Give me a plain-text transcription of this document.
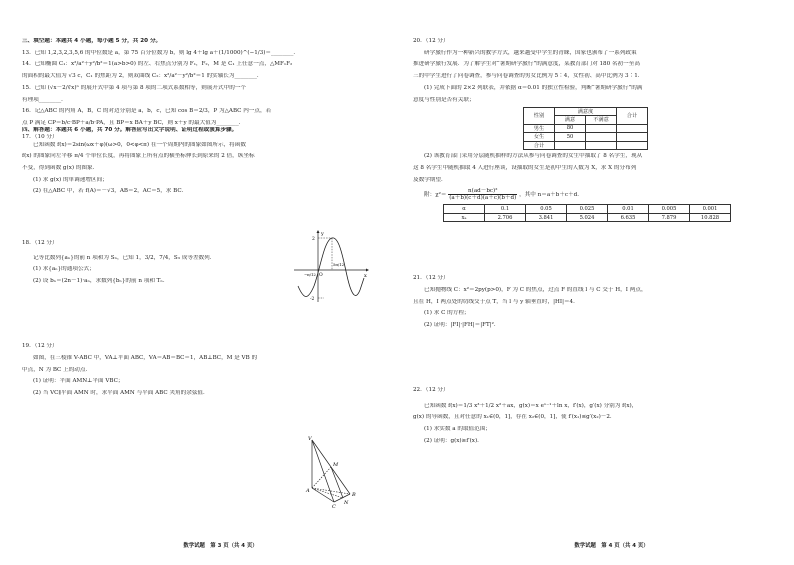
三、填空题：本题共 4 小题，每小题 5 分，共 20 分。

13．已知 1,2,3,2,3,5,6 的中位数是 a，第 75 百分位数为 b，则 lg 4＋lg a＋(1/1000)^(−1/3)＝________．

14．已知椭圆 C₁：x²/a²＋y²/b²＝1(a>b>0) 的左、右焦点分别为 F₁，F₂，M 是 C₁ 上任意一点，△MF₁F₂

的面积的最大值为 √3 c，C₁ 的焦距为 2，则双曲线 C₂：x²/a²－y²/b²＝1 的实轴长为________．

15．已知 (√x－2/∛x)ⁿ 的展开式中第 4 项与第 8 项的二项式系数相等，则展开式中的一个

有理项________．

16．记△ABC 的内角 A，B，C 的对边分别是 a，b，c，已知 cos B＝2/3，P 为△ABC 内一点，若

点 P 满足 CP＝b/c·BP＋a/b·PA，且 BP＝x BA＋y BC，则 x＋y 的最大值为________．

四、解答题：本题共 6 小题，共 70 分。解答应写出文字说明、证明过程或演算步骤。

17．（10 分）

已知函数 f(x)＝2sin(ωx＋φ)(ω>0，0<φ<π) 在一个周期内的图象如图所示，将函数

f(x) 的图象向左平移 π/4 个单位长度，再将图象上所有点的横坐标伸长到原来的 2 倍，纵坐标

不变，得到函数 g(x) 的图象．

(1) 求 g(x) 的单调递增区间；

(2) 在△ABC 中，若 f(A)＝－√3，AB＝2，AC＝5，求 BC．

18．（12 分）

记等比数列{aₙ}的前 n 项和为 Sₙ，已知 1，3/2，7/4，S₃ 成等差数列．

(1) 求{aₙ}的通项公式；

(2) 设 bₙ＝(2n－1)·aₙ，求数列{bₙ}的前 n 项和 Tₙ．

19．（12 分）

如图，在三棱锥 V-ABC 中，VA⊥平面 ABC，VA＝AB＝BC＝1，AB⊥BC，M 是 VB 的

中点，N 为 BC 上的动点．

(1) 证明：平面 AMN⊥平面 VBC；

(2) 当 VC∥平面 AMN 时，求平面 AMN 与平面 ABC 夹角的余弦值．

数学试题　第 3 页（共 4 页）
y
x
O
2
-2
−π/12
5π/12
V
A
B
C
M
N

20．（12 分）

研学旅行作为一种新兴的教学方式，越来越受中学生的青睐，国家也颁布了一系列政策

推进研学旅行发展．为了解学生对“暑期研学旅行”的满意度，某教育部门对 180 名初一至高

三的中学生进行了问卷调查，参与问卷调查的男女比例为 5∶4，女性初、高中比例为 3∶1．

(1) 完成下面的 2×2 列联表，并依据 α＝0.01 的独立性检验，判断“暑期研学旅行”的满

意度与性别是否有关联；

性别	满意度		合计
	满意	不满意	
男生	80		
女生	50		
合计			

(2) 该教育部门采用分层随机抽样的方法从参与问卷调查的女生中抽取了 8 名学生，现从

这 8 名学生中随机抽取 4 人进行座谈，设抽取的女生是初中生的人数为 X，求 X 的分布列

及数学期望．

附：$\chi^2= \frac{\text{n(ad－bc)²}}{(a+b)(c+d)(a+c)(b+d)}$ ，其中 n＝a＋b＋c＋d．
α	0.1	0.05	0.025	0.01	0.005	0.001
xₐ	2.706	3.841	5.024	6.635	7.879	10.828

21．（12 分）

已知抛物线 C：x²＝2py(p>0)，F 为 C 的焦点，过点 F 的直线 l 与 C 交于 H，I 两点，

且在 H，I 两点处的切线交于点 T，当 l 与 y 轴垂直时，|HI|＝4．

(1) 求 C 的方程；

(2) 证明：|FI|·|FH|＝|FT|²．

22．（12 分）

已知函数 f(x)＝1/3 x³＋1/2 x²＋ax，g(x)＝x eˣ⁻¹＋ln x，f′(x)，g′(x) 分别为 f(x)，

g(x) 的导函数，且对任意的 x₁∈(0，1]，存在 x₂∈(0，1]，使 f′(x₁)≤g′(x₂)－2．

(1) 求实数 a 的取值范围；

(2) 证明：g(x)≥f′(x)．

数学试题　第 4 页（共 4 页）
